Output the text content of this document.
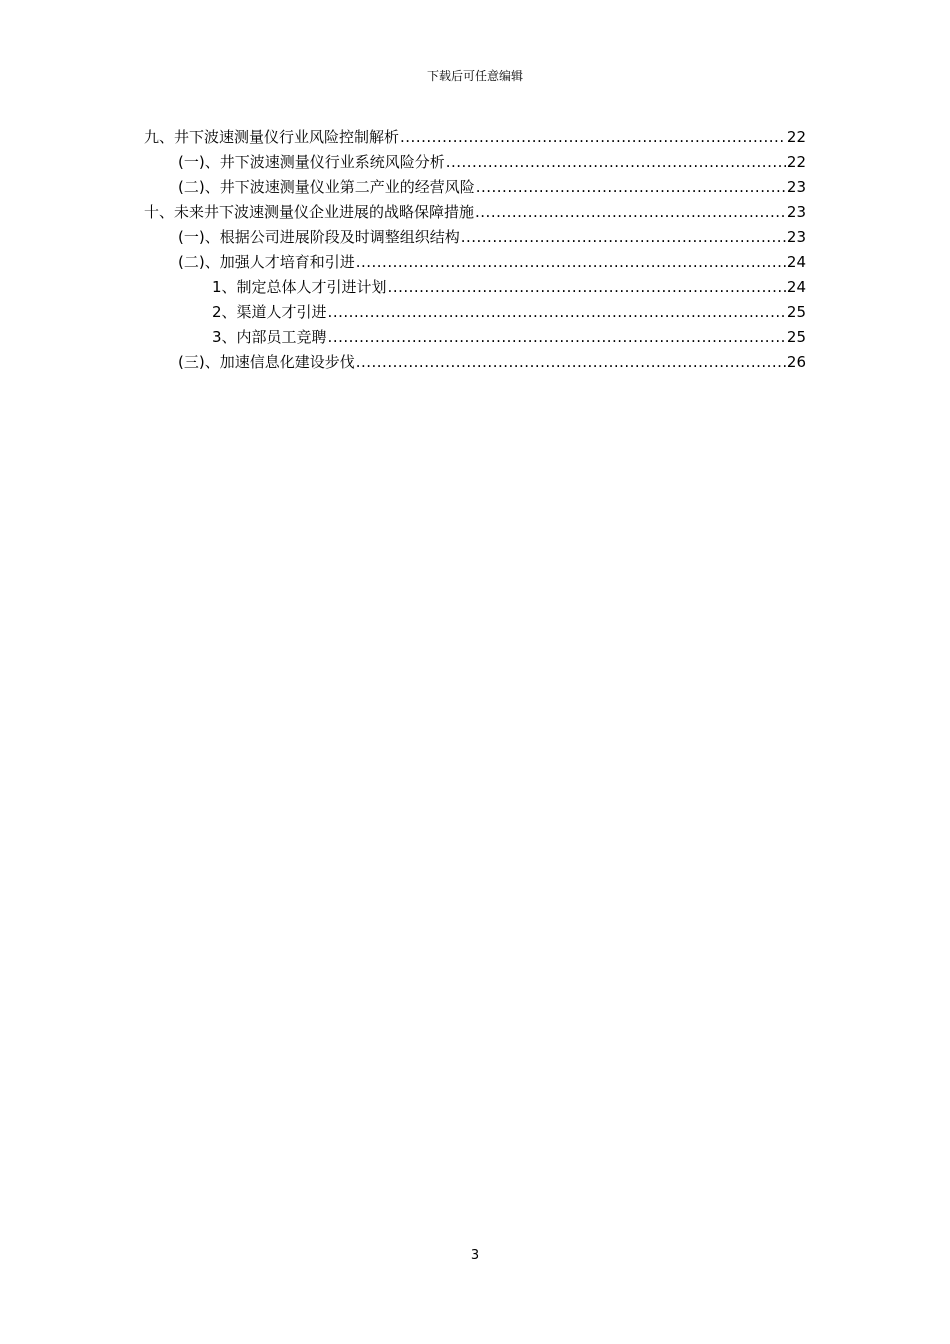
下载后可任意编辑
九、井下波速测量仪行业风险控制解析 .....	22
(一)、井下波速测量仪行业系统风险分析 .....	22
(二)、井下波速测量仪业第二产业的经营风险 .....	23
十、未来井下波速测量仪企业进展的战略保障措施 .....	23
(一)、根据公司进展阶段及时调整组织结构 .....	23
(二)、加强人才培育和引进 .....	24
1、制定总体人才引进计划 .....	24
2、渠道人才引进 .....	25
3、内部员工竞聘 .....	25
(三)、加速信息化建设步伐 .....	26
3
